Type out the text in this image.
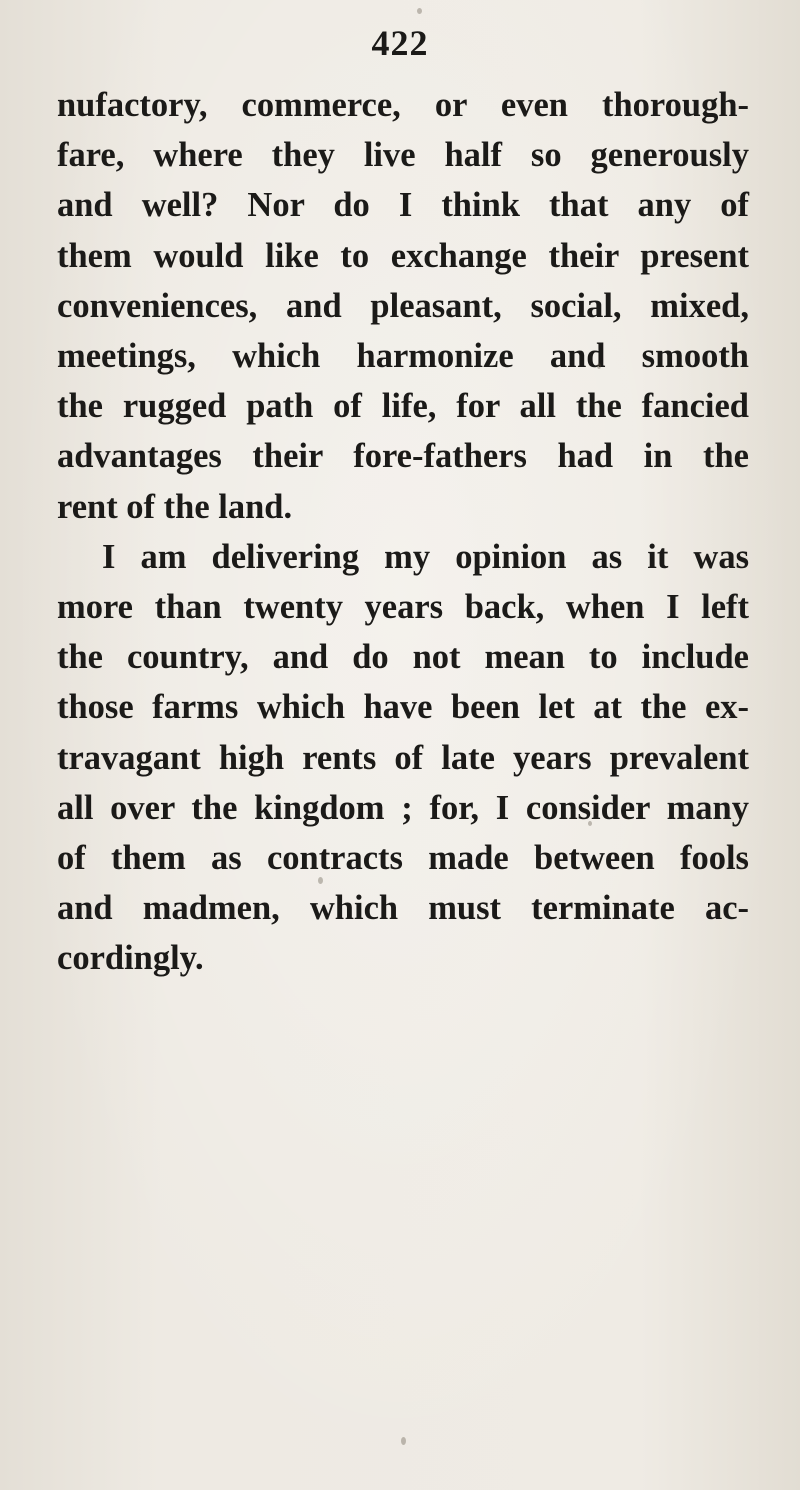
422
nufactory, commerce, or even thorough-
fare, where they live half so generously
and well? Nor do I think that any of
them would like to exchange their present
conveniences, and pleasant, social, mixed,
meetings, which harmonize and smooth
the rugged path of life, for all the fancied
advantages their fore-fathers had in the
rent of the land.
I am delivering my opinion as it was
more than twenty years back, when I left
the country, and do not mean to include
those farms which have been let at the ex-
travagant high rents of late years prevalent
all over the kingdom ; for, I consider many
of them as contracts made between fools
and madmen, which must terminate ac-
cordingly.
